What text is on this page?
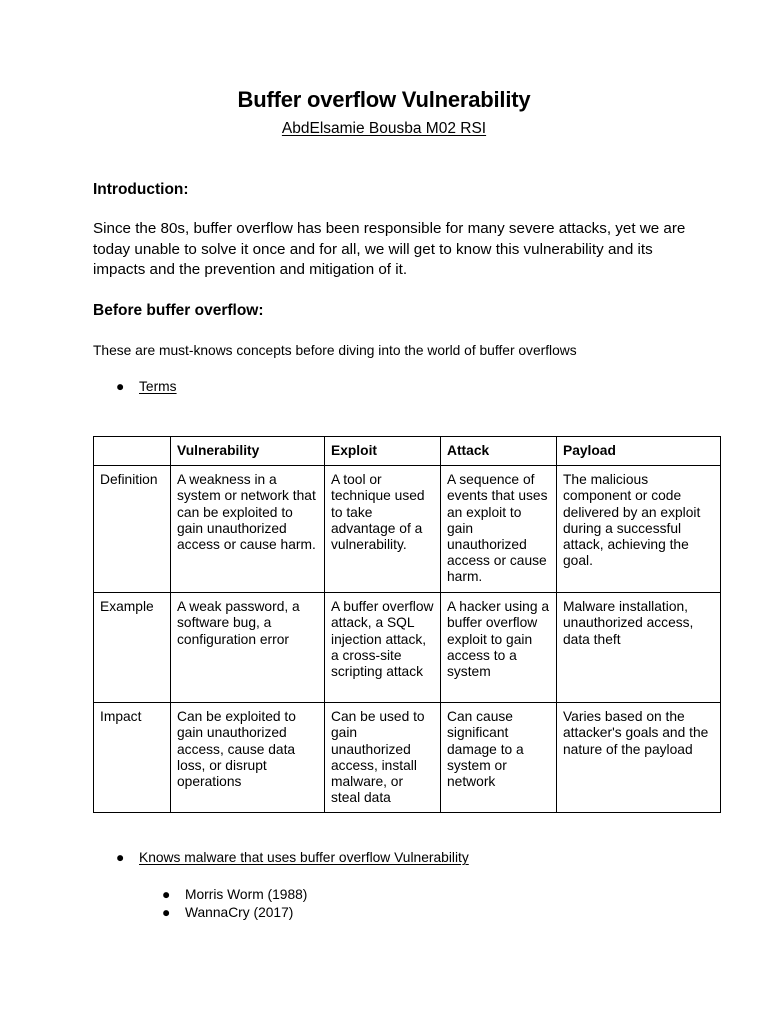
Buffer overflow Vulnerability
AbdElsamie Bousba M02 RSI
Introduction:
Since the 80s, buffer overflow has been responsible for many severe attacks, yet we are today unable to solve it once and for all, we will get to know this vulnerability and its impacts and the prevention and mitigation of it.
Before buffer overflow:
These are must-knows concepts before diving into the world of buffer overflows
● Terms
	Vulnerability	Exploit	Attack	Payload
Definition	A weakness in a system or network that can be exploited to gain unauthorized access or cause harm.	A tool or technique used to take advantage of a vulnerability.	A sequence of events that uses an exploit to gain unauthorized access or cause harm.	The malicious component or code delivered by an exploit during a successful attack, achieving the goal.
Example	A weak password, a software bug, a configuration error	A buffer overflow attack, a SQL injection attack, a cross-site scripting attack	A hacker using a buffer overflow exploit to gain access to a system	Malware installation, unauthorized access, data theft
Impact	Can be exploited to gain unauthorized access, cause data loss, or disrupt operations	Can be used to gain unauthorized access, install malware, or steal data	Can cause significant damage to a system or network	Varies based on the attacker's goals and the nature of the payload
● Knows malware that uses buffer overflow Vulnerability
● Morris Worm (1988)
● WannaCry (2017)
